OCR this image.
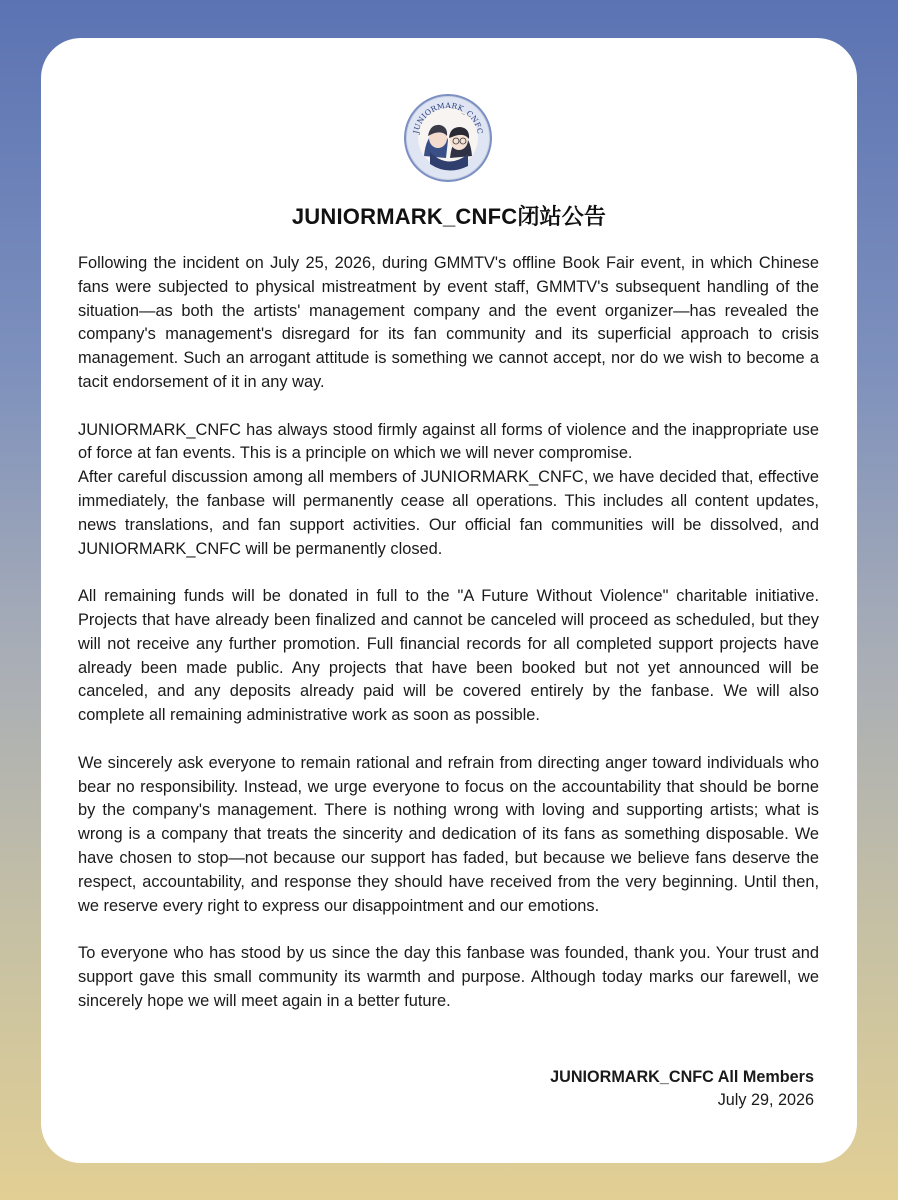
JUNIORMARK_CNFC
JUNIORMARK_CNFC闭站公告

Following the incident on July 25, 2026, during GMMTV's offline Book Fair event, in which Chinese fans were subjected to physical mistreatment by event staff, GMMTV's subsequent handling of the situation—as both the artists' management company and the event organizer—has revealed the company's management's disregard for its fan community and its superficial approach to crisis management. Such an arrogant attitude is something we cannot accept, nor do we wish to become a tacit endorsement of it in any way.

JUNIORMARK_CNFC has always stood firmly against all forms of violence and the inappropriate use of force at fan events. This is a principle on which we will never compromise.

After careful discussion among all members of JUNIORMARK_CNFC, we have decided that, effective immediately, the fanbase will permanently cease all operations. This includes all content updates, news translations, and fan support activities. Our official fan communities will be dissolved, and JUNIORMARK_CNFC will be permanently closed.

All remaining funds will be donated in full to the "A Future Without Violence" charitable initiative. Projects that have already been finalized and cannot be canceled will proceed as scheduled, but they will not receive any further promotion. Full financial records for all completed support projects have already been made public. Any projects that have been booked but not yet announced will be canceled, and any deposits already paid will be covered entirely by the fanbase. We will also complete all remaining administrative work as soon as possible.

We sincerely ask everyone to remain rational and refrain from directing anger toward individuals who bear no responsibility. Instead, we urge everyone to focus on the accountability that should be borne by the company's management. There is nothing wrong with loving and supporting artists; what is wrong is a company that treats the sincerity and dedication of its fans as something disposable. We have chosen to stop—not because our support has faded, but because we believe fans deserve the respect, accountability, and response they should have received from the very beginning. Until then, we reserve every right to express our disappointment and our emotions.

To everyone who has stood by us since the day this fanbase was founded, thank you. Your trust and support gave this small community its warmth and purpose. Although today marks our farewell, we sincerely hope we will meet again in a better future.

JUNIORMARK_CNFC All Members
July 29, 2026
